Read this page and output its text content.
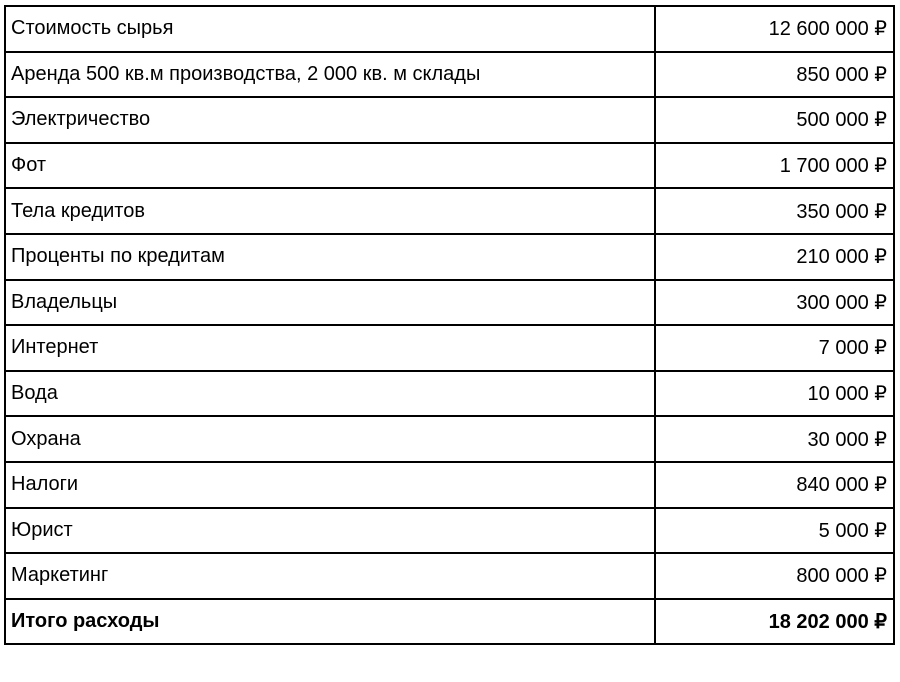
Стоимость сырья	12 600 000 ₽
Аренда 500 кв.м производства, 2 000 кв. м склады	850 000 ₽
Электричество	500 000 ₽
Фот	1 700 000 ₽
Тела кредитов	350 000 ₽
Проценты по кредитам	210 000 ₽
Владельцы	300 000 ₽
Интернет	7 000 ₽
Вода	10 000 ₽
Охрана	30 000 ₽
Налоги	840 000 ₽
Юрист	5 000 ₽
Маркетинг	800 000 ₽
Итого расходы	18 202 000 ₽
